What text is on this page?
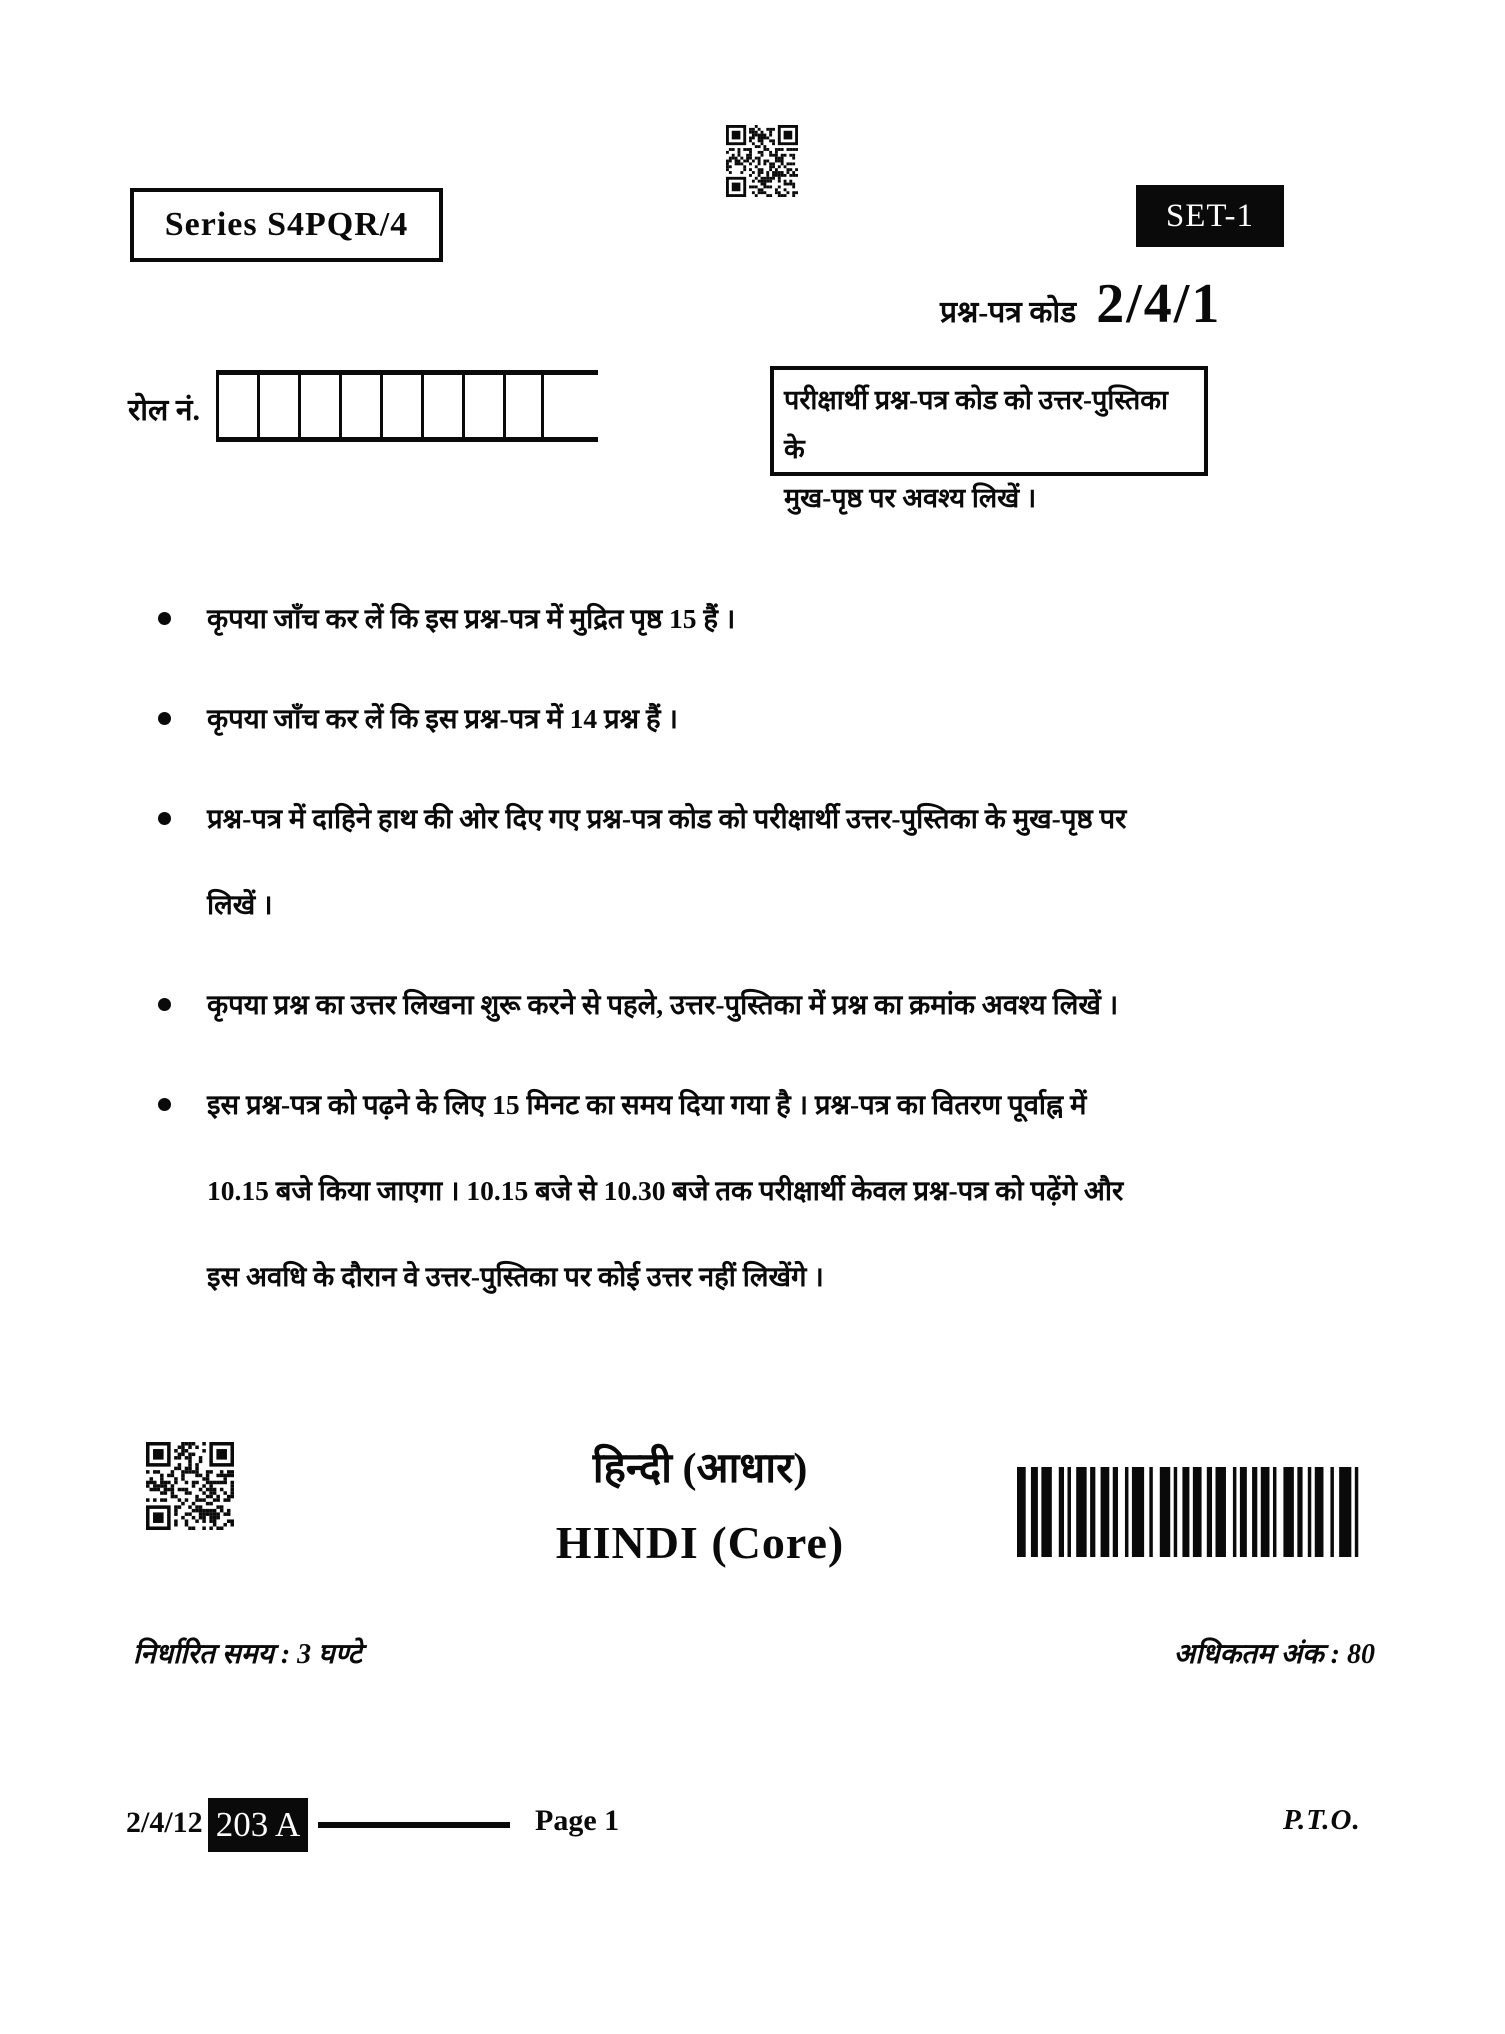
Series S4PQR/4	SET-1
प्रश्न-पत्र कोड 2/4/1
रोल नं.	परीक्षार्थी प्रश्न-पत्र कोड को उत्तर-पुस्तिका के
मुख-पृष्ठ पर अवश्य लिखें ।
कृपया जाँच कर लें कि इस प्रश्न-पत्र में मुद्रित पृष्ठ 15 हैं ।
कृपया जाँच कर लें कि इस प्रश्न-पत्र में 14 प्रश्न हैं ।
प्रश्न-पत्र में दाहिने हाथ की ओर दिए गए प्रश्न-पत्र कोड को परीक्षार्थी उत्तर-पुस्तिका के मुख-पृष्ठ पर
लिखें ।
कृपया प्रश्न का उत्तर लिखना शुरू करने से पहले, उत्तर-पुस्तिका में प्रश्न का क्रमांक अवश्य लिखें ।
इस प्रश्न-पत्र को पढ़ने के लिए 15 मिनट का समय दिया गया है । प्रश्न-पत्र का वितरण पूर्वाह्न में
10.15 बजे किया जाएगा । 10.15 बजे से 10.30 बजे तक परीक्षार्थी केवल प्रश्न-पत्र को पढ़ेंगे और
इस अवधि के दौरान वे उत्तर-पुस्तिका पर कोई उत्तर नहीं लिखेंगे ।
हिन्दी (आधार)
HINDI (Core)
निर्धारित समय : 3 घण्टे	अधिकतम अंक : 80
2/4/12 203 A	Page 1	P.T.O.
